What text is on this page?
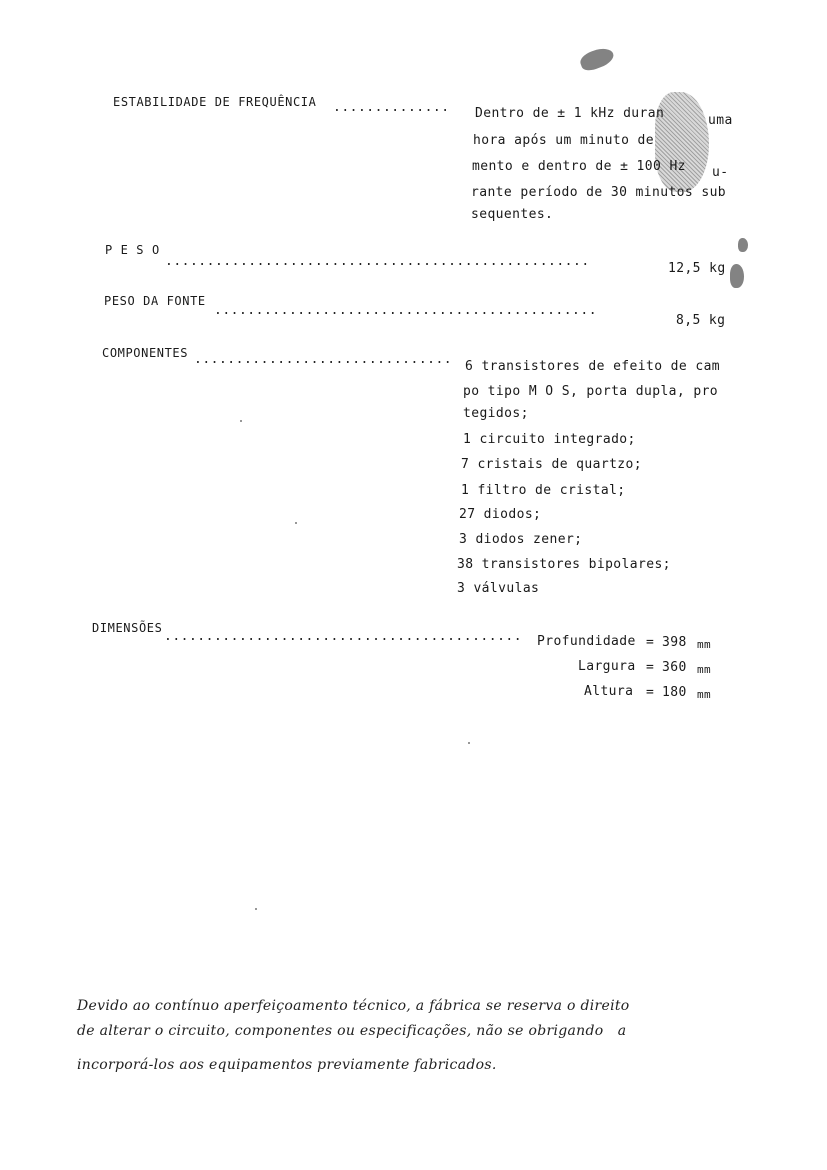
ESTABILIDADE DE FREQUÊNCIA .............. Dentro de ± 1 kHz duran	uma
hora após um minuto de
mento e dentro de ± 100 Hz u-
rante período de 30 minutos sub
sequentes.
P E S O
...................................................	12,5 kg
PESO DA FONTE
..............................................
8,5 kg
COMPONENTES ............................... 6 transistores de efeito de cam
po tipo M O S, porta dupla, pro
tegidos;
1 circuito integrado;
7 cristais de quartzo;
1 filtro de cristal;
27 diodos;
3 diodos zener;
38 transistores bipolares;
3 válvulas
DIMENSÕES
........................................... Profundidade = 398 mm
Largura = 360 mm
Altura = 180 mm
Devido ao contínuo aperfeiçoamento técnico, a fábrica se reserva o direito
de alterar o circuito, componentes ou especificações, não se obrigando   a
incorporá-los aos equipamentos previamente fabricados.
